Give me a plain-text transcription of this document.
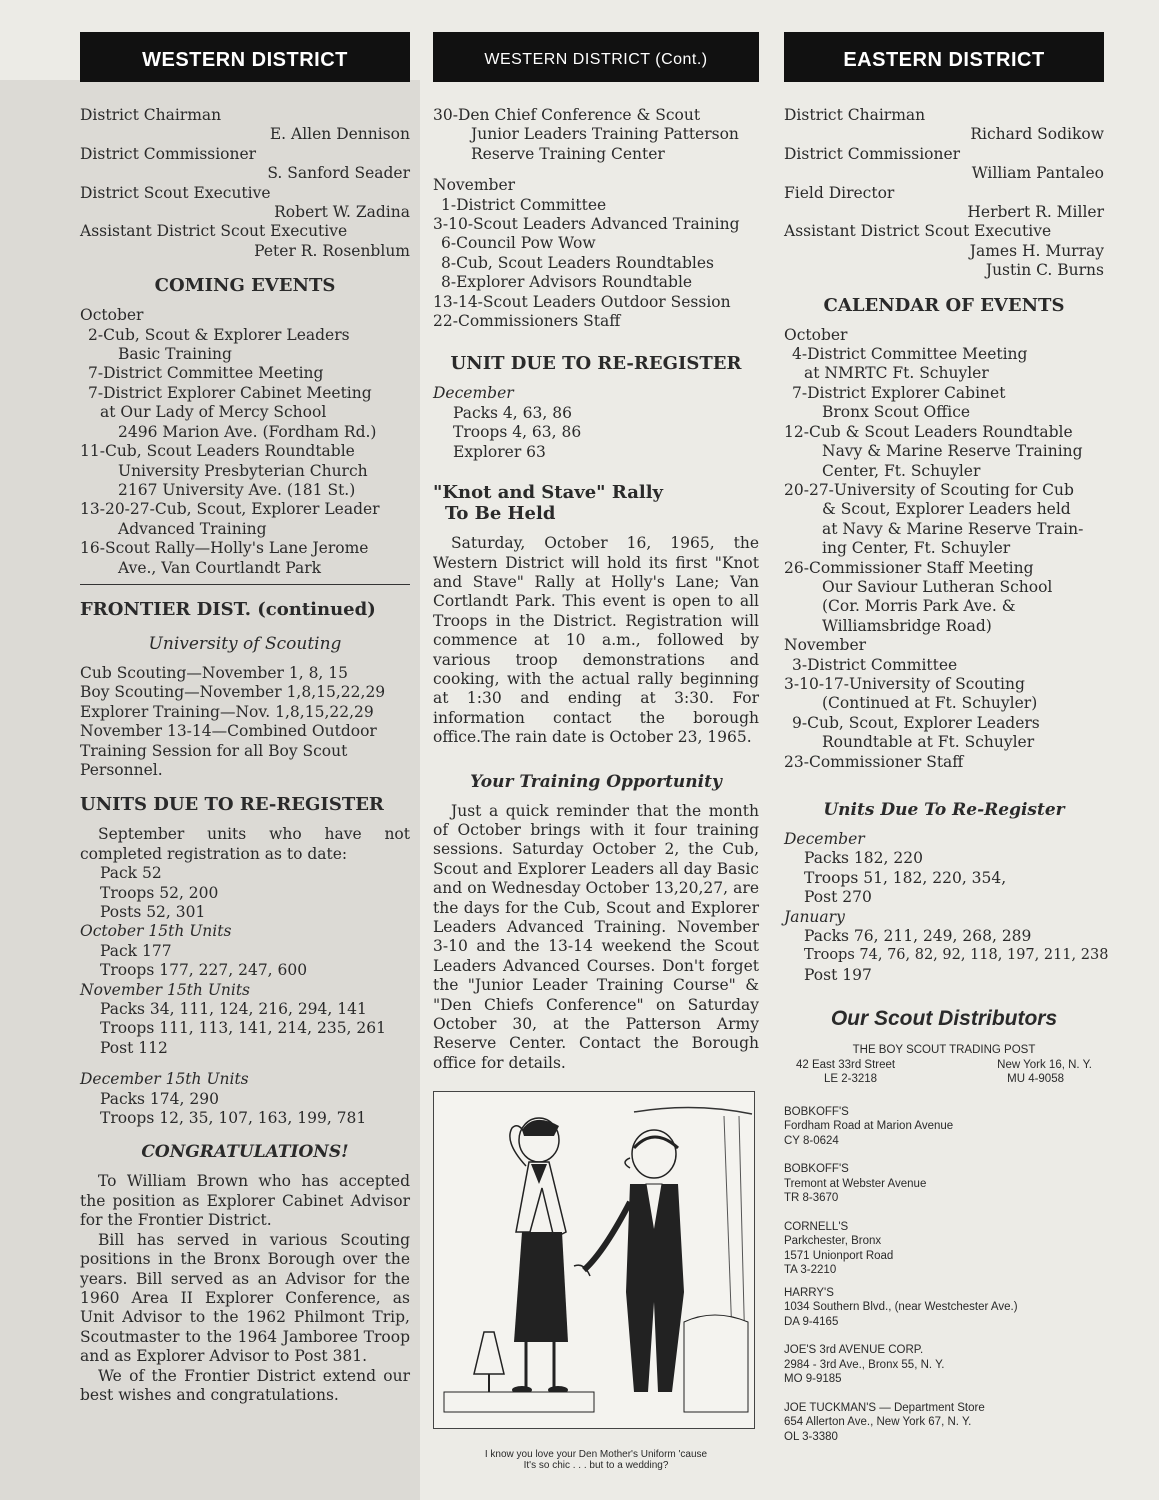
WESTERN DISTRICT
District Chairman
E. Allen Dennison
District Commissioner
S. Sanford Seader
District Scout Executive
Robert W. Zadina
Assistant District Scout Executive
Peter R. Rosenblum
COMING EVENTS
October
2-Cub, Scout & Explorer Leaders
Basic Training
7-District Committee Meeting
7-District Explorer Cabinet Meeting
at Our Lady of Mercy School
2496 Marion Ave. (Fordham Rd.)
11-Cub, Scout Leaders Roundtable
University Presbyterian Church
2167 University Ave. (181 St.)
13-20-27-Cub, Scout, Explorer Leader
Advanced Training
16-Scout Rally—Holly's Lane Jerome
Ave., Van Courtlandt Park
FRONTIER DIST. (continued)
University of Scouting
Cub Scouting—November 1, 8, 15
Boy Scouting—November 1,8,15,22,29
Explorer Training—Nov. 1,8,15,22,29
November 13-14—Combined Outdoor
Training Session for all Boy Scout
Personnel.
UNITS DUE TO RE-REGISTER

September units who have not completed registration as to date:

Pack 52
Troops 52, 200
Posts 52, 301
October 15th Units
Pack 177
Troops 177, 227, 247, 600
November 15th Units
Packs 34, 111, 124, 216, 294, 141
Troops 111, 113, 141, 214, 235, 261
Post 112
December 15th Units
Packs 174, 290
Troops 12, 35, 107, 163, 199, 781
CONGRATULATIONS!

To William Brown who has accepted the position as Explorer Cabinet Advisor for the Frontier District.

Bill has served in various Scouting positions in the Bronx Borough over the years. Bill served as an Advisor for the 1960 Area II Explorer Conference, as Unit Advisor to the 1962 Philmont Trip, Scoutmaster to the 1964 Jamboree Troop and as Explorer Advisor to Post 381.

We of the Frontier District extend our best wishes and congratulations.

WESTERN DISTRICT (Cont.)
30-Den Chief Conference & Scout
Junior Leaders Training Patterson
Reserve Training Center
November
1-District Committee
3-10-Scout Leaders Advanced Training
6-Council Pow Wow
8-Cub, Scout Leaders Roundtables
8-Explorer Advisors Roundtable
13-14-Scout Leaders Outdoor Session
22-Commissioners Staff
UNIT DUE TO RE-REGISTER
December
Packs 4, 63, 86
Troops 4, 63, 86
Explorer 63
"Knot and Stave" Rally
To Be Held

Saturday, October 16, 1965, the Western District will hold its first "Knot and Stave" Rally at Holly's Lane; Van Cortlandt Park. This event is open to all Troops in the District. Registration will commence at 10 a.m., followed by various troop demonstrations and cooking, with the actual rally beginning at 1:30 and ending at 3:30. For information contact the borough office.The rain date is October 23, 1965.

Your Training Opportunity

Just a quick reminder that the month of October brings with it four training sessions. Saturday October 2, the Cub, Scout and Explorer Leaders all day Basic and on Wednesday October 13,20,27, are the days for the Cub, Scout and Explorer Leaders Advanced Training. November 3-10 and the 13-14 weekend the Scout Leaders Advanced Courses. Don't forget the "Junior Leader Training Course" & "Den Chiefs Conference" on Saturday October 30, at the Patterson Army Reserve Center. Contact the Borough office for details.

I know you love your Den Mother's Uniform 'cause
It's so chic . . . but to a wedding?
EASTERN DISTRICT
District Chairman
Richard Sodikow
District Commissioner
William Pantaleo
Field Director
Herbert R. Miller
Assistant District Scout Executive
James H. Murray
Justin C. Burns
CALENDAR OF EVENTS
October
4-District Committee Meeting
at NMRTC Ft. Schuyler
7-District Explorer Cabinet
Bronx Scout Office
12-Cub & Scout Leaders Roundtable
Navy & Marine Reserve Training
Center, Ft. Schuyler
20-27-University of Scouting for Cub
& Scout, Explorer Leaders held
at Navy & Marine Reserve Train-
ing Center, Ft. Schuyler
26-Commissioner Staff Meeting
Our Saviour Lutheran School
(Cor. Morris Park Ave. &
Williamsbridge Road)
November
3-District Committee
3-10-17-University of Scouting
(Continued at Ft. Schuyler)
9-Cub, Scout, Explorer Leaders
Roundtable at Ft. Schuyler
23-Commissioner Staff
Units Due To Re-Register
December
Packs 182, 220
Troops 51, 182, 220, 354,
Post 270
January
Packs 76, 211, 249, 268, 289
Troops 74, 76, 82, 92, 118, 197, 211, 238
Post 197
Our Scout Distributors
THE BOY SCOUT TRADING POST
42 East 33rd Street	New York 16, N. Y.
LE 2-3218	MU 4-9058
BOBKOFF'S
Fordham Road at Marion Avenue
CY 8-0624
BOBKOFF'S
Tremont at Webster Avenue
TR 8-3670
CORNELL'S
Parkchester, Bronx
1571 Unionport Road
TA 3-2210
HARRY'S
1034 Southern Blvd., (near Westchester Ave.)
DA 9-4165
JOE'S 3rd AVENUE CORP.
2984 - 3rd Ave., Bronx 55, N. Y.
MO 9-9185
JOE TUCKMAN'S — Department Store
654 Allerton Ave., New York 67, N. Y.
OL 3-3380
